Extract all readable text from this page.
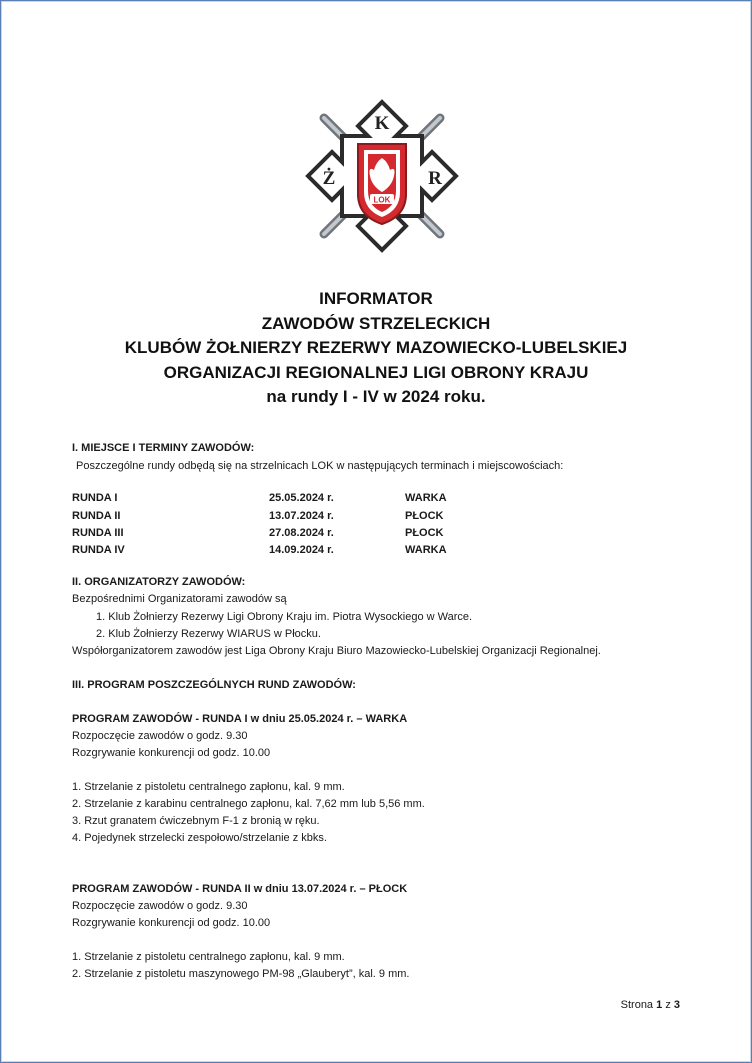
LOK
K
Ż	R
INFORMATOR
ZAWODÓW STRZELECKICH
KLUBÓW ŻOŁNIERZY REZERWY MAZOWIECKO-LUBELSKIEJ
ORGANIZACJI REGIONALNEJ LIGI OBRONY KRAJU
na rundy I - IV w 2024 roku.
I. MIEJSCE I TERMINY ZAWODÓW:
Poszczególne rundy odbędą się na strzelnicach LOK w następujących terminach i miejscowościach:
RUNDA I	25.05.2024 r.	WARKA
RUNDA II	13.07.2024 r.	PŁOCK
RUNDA III	27.08.2024 r.	PŁOCK
RUNDA IV	14.09.2024 r.	WARKA
II. ORGANIZATORZY ZAWODÓW:
Bezpośrednimi Organizatorami zawodów są
1. Klub Żołnierzy Rezerwy Ligi Obrony Kraju im. Piotra Wysockiego w Warce.
2. Klub Żołnierzy Rezerwy WIARUS w Płocku.
Współorganizatorem zawodów jest Liga Obrony Kraju Biuro Mazowiecko-Lubelskiej Organizacji Regionalnej.
III. PROGRAM POSZCZEGÓLNYCH RUND ZAWODÓW:
PROGRAM ZAWODÓW - RUNDA I w dniu 25.05.2024 r. – WARKA
Rozpoczęcie zawodów o godz. 9.30
Rozgrywanie konkurencji od godz. 10.00
1. Strzelanie z pistoletu centralnego zapłonu, kal. 9 mm.
2. Strzelanie z karabinu centralnego zapłonu, kal. 7,62 mm lub 5,56 mm.
3. Rzut granatem ćwiczebnym F-1 z bronią w ręku.
4. Pojedynek strzelecki zespołowo/strzelanie z kbks.
PROGRAM ZAWODÓW - RUNDA II w dniu 13.07.2024 r. – PŁOCK
Rozpoczęcie zawodów o godz. 9.30
Rozgrywanie konkurencji od godz. 10.00
1. Strzelanie z pistoletu centralnego zapłonu, kal. 9 mm.
2. Strzelanie z pistoletu maszynowego PM-98 „Glauberyt”, kal. 9 mm.
Strona 1 z 3
